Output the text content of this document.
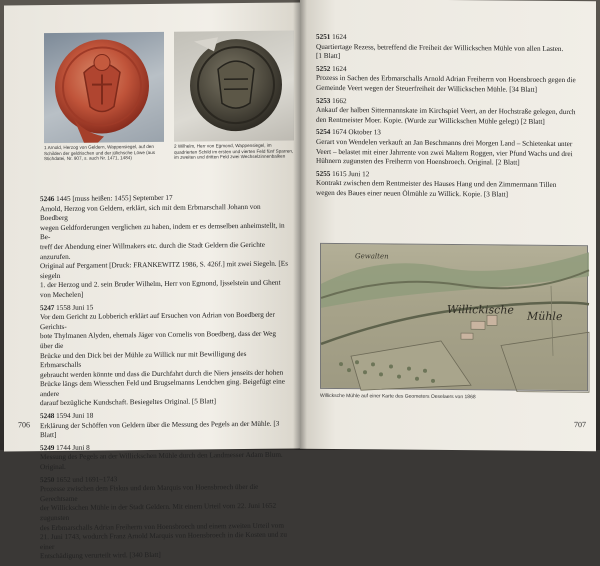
1 Arnold, Herzog von Geldern, Wappensiegel, auf den Schilden der geldrischen und der jülichsche Löwe (aus Stichdatei, Nr. 907, s. auch Nr. 1471, 1484)
2 Wilhelm, Herr von Egmond, Wappensiegel, im quadrierten Schild im ersten und vierten Feld fünf Sparren, im zweiten und dritten Feld zwei Wechselzinnenbalken
5246 1445 [muss heißen: 1455] September 17
Arnold, Herzog von Geldern, erklärt, sich mit dem Erbmarschall Johann von Boedberg
wegen Geldforderungen verglichen zu haben, indem er es demselben anheimstellt, in Be-
treff der Abendung einer Willmakers etc. durch die Stadt Geldern die Gerichte anzurufen.
Original auf Pergament [Druck: FRANKEWITZ 1986, S. 426f.] mit zwei Siegeln. [Es siegeln
1. der Herzog und 2. sein Bruder Wilhelm, Herr von Egmond, Ijsselstein und Ghent
von Mechelen]
5247 1558 Juni 15
Vor dem Gericht zu Lobberich erklärt auf Ersuchen von Adrian von Boedberg der Gerichts-
bote Thylmanen Alyden, ehemals Jäger von Cornelis von Boedberg, dass der Weg über die
Brücke und den Dick bei der Mühle zu Willick nur mit Bewilligung des Erbmarschalls
gebraucht werden könnte und dass die Durchfahrt durch die Niers jenseits der hohen
Brücke längs dem Wiesschen Feld und Brugselmanns Lendchen ging. Beigefügt eine andere
darauf bezügliche Kundschaft. Besiegeltes Original. [5 Blatt]
5248 1594 Juni 18
Erklärung der Schöffen von Geldern über die Messung des Pegels an der Mühle. [3 Blatt]
5249 1744 Juni 8
Messung des Pegels an der Willickschen Mühle durch den Landmesser Adam Blum. Original.
5250 1652 und 1691–1743
Prozesse zwischen dem Fiskus und dem Marquis von Hoensbroech über die Gerechtsame
der Willickschen Mühle in der Stadt Geldern. Mit einem Urteil vom 22. Juni 1652 zugunsten
des Erbmarschalls Adrian Freiherrn von Hoensbroech und einem zweiten Urteil vom
21. Juni 1743, wodurch Franz Arnold Marquis von Hoensbroech in die Kosten und zu einer
Entschädigung verurteilt wird. [340 Blatt]
706
5251 1624
Quartiertage Rezess, betreffend die Freiheit der Willickschen Mühle von allen Lasten.
[1 Blatt]
5252 1624
Prozess in Sachen des Erbmarschalls Arnold Adrian Freiherrn von Hoensbroech gegen die
Gemeinde Veert wegen der Steuerfreiheit der Willickschen Mühle. [34 Blatt]
5253 1662
Ankauf der halben Sittermannskate im Kirchspiel Veert, an der Hochstraße gelegen, durch
den Rentmeister Moer. Kopie. (Wurde zur Willickschen Mühle gelegt) [2 Blatt]
5254 1674 Oktober 13
Gerart von Wendelen verkauft an Jan Beschmanns drei Morgen Land – Schietenkat unter
Veert – belastet mit einer Jahrrente von zwei Maltern Roggen, vier Pfund Wachs und drei
Hühnern zugunsten des Freiherrn von Hoensbroech. Original. [2 Blatt]
5255 1615 Juni 12
Kontrakt zwischen dem Rentmeister des Hauses Hang und den Zimmermann Tillen
wegen des Baues einer neuen Ölmühle zu Willick. Kopie. [3 Blatt]
Gewalten
Willickische Mühle
Willicksche Mühle auf einer Karte des Geometers Oeselaers von 1868
707
